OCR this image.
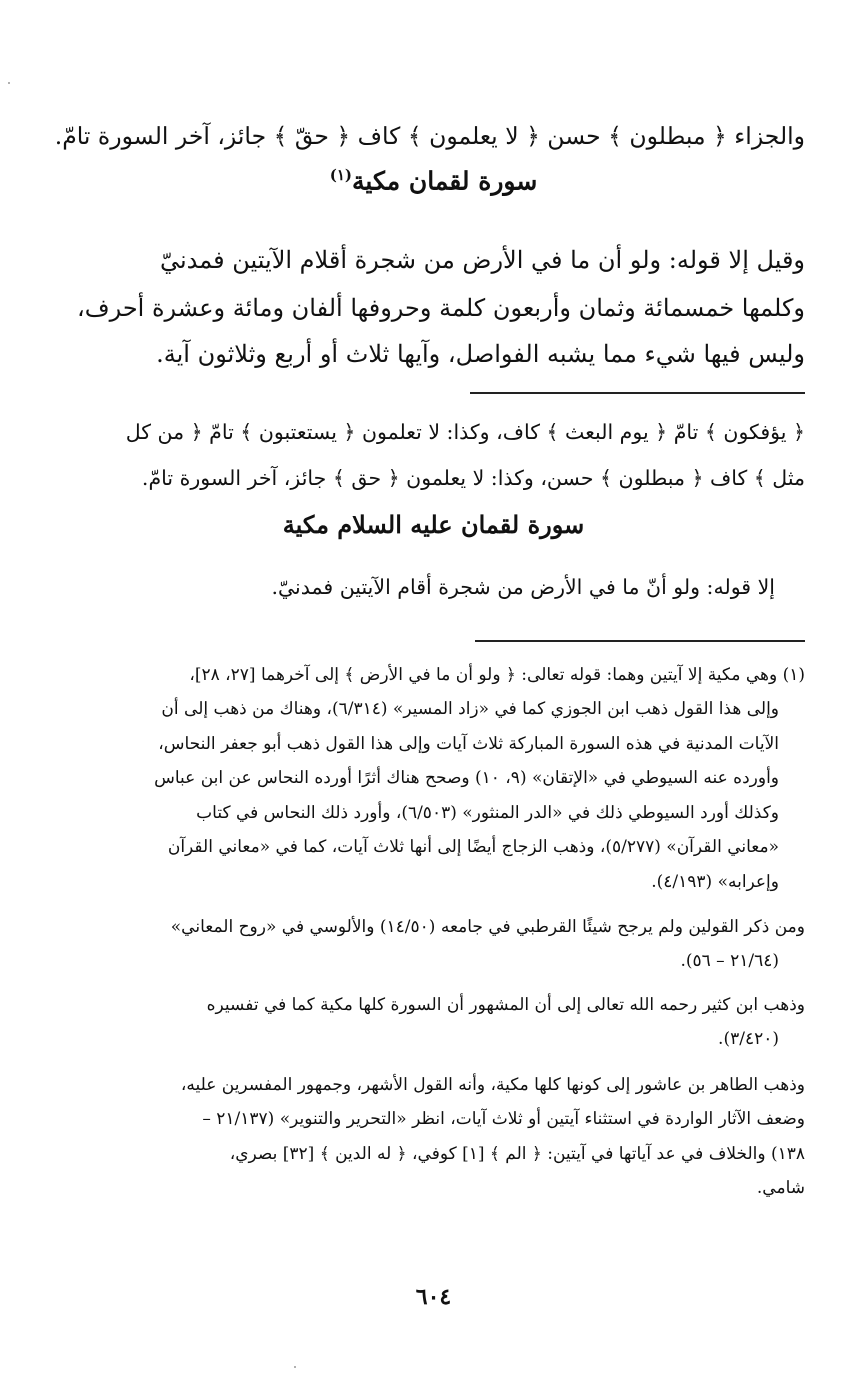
والجزاء ﴿ مبطلون ﴾ حسن ﴿ لا يعلمون ﴾ كاف ﴿ حقّ ﴾ جائز، آخر السورة تامّ.
سورة لقمان مكية$^{(١)}$
وقيل إلا قوله: ولو أن ما في الأرض من شجرة أقلام الآيتين فمدنيّ
وكلمها خمسمائة وثمان وأربعون كلمة وحروفها ألفان ومائة وعشرة أحرف،
وليس فيها شيء مما يشبه الفواصل، وآيها ثلاث أو أربع وثلاثون آية.
﴿ يؤفكون ﴾ تامّ ﴿ يوم البعث ﴾ كاف، وكذا: لا تعلمون ﴿ يستعتبون ﴾ تامّ ﴿ من كل
مثل ﴾ كاف ﴿ مبطلون ﴾ حسن، وكذا: لا يعلمون ﴿ حق ﴾ جائز، آخر السورة تامّ.
سورة لقمان عليه السلام مكية
إلا قوله: ولو أنّ ما في الأرض من شجرة أقام الآيتين فمدنيّ.
(١) وهي مكية إلا آيتين وهما: قوله تعالى: ﴿ ولو أن ما في الأرض ﴾ إلى آخرهما [٢٧، ٢٨]،
وإلى هذا القول ذهب ابن الجوزي كما في «زاد المسير» (٦/٣١٤)، وهناك من ذهب إلى أن
الآيات المدنية في هذه السورة المباركة ثلاث آيات وإلى هذا القول ذهب أبو جعفر النحاس،
وأورده عنه السيوطي في «الإتقان» (٩، ١٠) وصحح هناك أثرًا أورده النحاس عن ابن عباس
وكذلك أورد السيوطي ذلك في «الدر المنثور» (٦/٥٠٣)، وأورد ذلك النحاس في كتاب
«معاني القرآن» (٥/٢٧٧)، وذهب الزجاج أيضًا إلى أنها ثلاث آيات، كما في «معاني القرآن
وإعرابه» (٤/١٩٣).
ومن ذكر القولين ولم يرجح شيئًا القرطبي في جامعه (١٤/٥٠) والألوسي في «روح المعاني»
(٢١/٦٤ – ٥٦).
وذهب ابن كثير رحمه الله تعالى إلى أن المشهور أن السورة كلها مكية كما في تفسيره
(٣/٤٢٠).
وذهب الطاهر بن عاشور إلى كونها كلها مكية، وأنه القول الأشهر، وجمهور المفسرين عليه،
وضعف الآثار الواردة في استثناء آيتين أو ثلاث آيات، انظر «التحرير والتنوير» (٢١/١٣٧ –
١٣٨) والخلاف في عد آياتها في آيتين: ﴿ الم ﴾ [١] كوفي، ﴿ له الدين ﴾ [٣٢] بصري،
شامي.
٦٠٤
